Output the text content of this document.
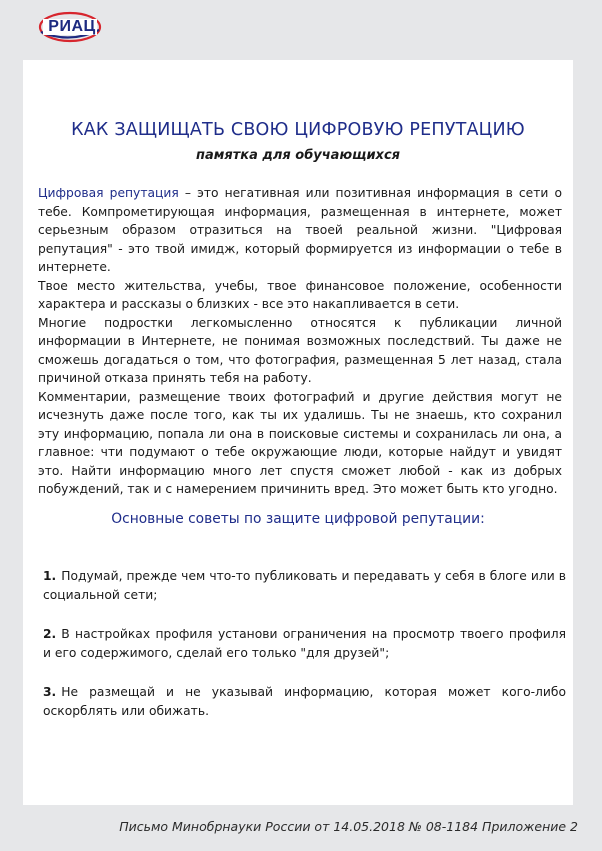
РИАЦ
КАК ЗАЩИЩАТЬ СВОЮ ЦИФРОВУЮ РЕПУТАЦИЮ
памятка для обучающихся

Цифровая репутация – это негативная или позитивная информация в сети о тебе. Компрометирующая информация, размещенная в интернете, может серьезным образом отразиться на твоей реальной жизни. "Цифровая репутация" - это твой имидж, который формируется из информации о тебе в интернете.

Твое место жительства, учебы, твое финансовое положение, особенности характера и рассказы о близких - все это накапливается в сети.

Многие подростки легкомысленно относятся к публикации личной информации в Интернете, не понимая возможных последствий. Ты даже не сможешь догадаться о том, что фотография, размещенная 5 лет назад, стала причиной отказа принять тебя на работу.

Комментарии, размещение твоих фотографий и другие действия могут не исчезнуть даже после того, как ты их удалишь. Ты не знаешь, кто сохранил эту информацию, попала ли она в поисковые системы и сохранилась ли она, а главное: чти подумают о тебе окружающие люди, которые найдут и увидят это. Найти информацию много лет спустя сможет любой - как из добрых побуждений, так и с намерением причинить вред. Это может быть кто угодно.

Основные советы по защите цифровой репутации:
1. Подумай, прежде чем что-то публиковать и передавать у себя в блоге или в социальной сети;
2. В настройках профиля установи ограничения на просмотр твоего профиля и его содержимого, сделай его только "для друзей";
3. Не размещай и не указывай информацию, которая может кого-либо оскорблять или обижать.
Письмо Минобрнауки России от 14.05.2018 № 08-1184 Приложение 2
